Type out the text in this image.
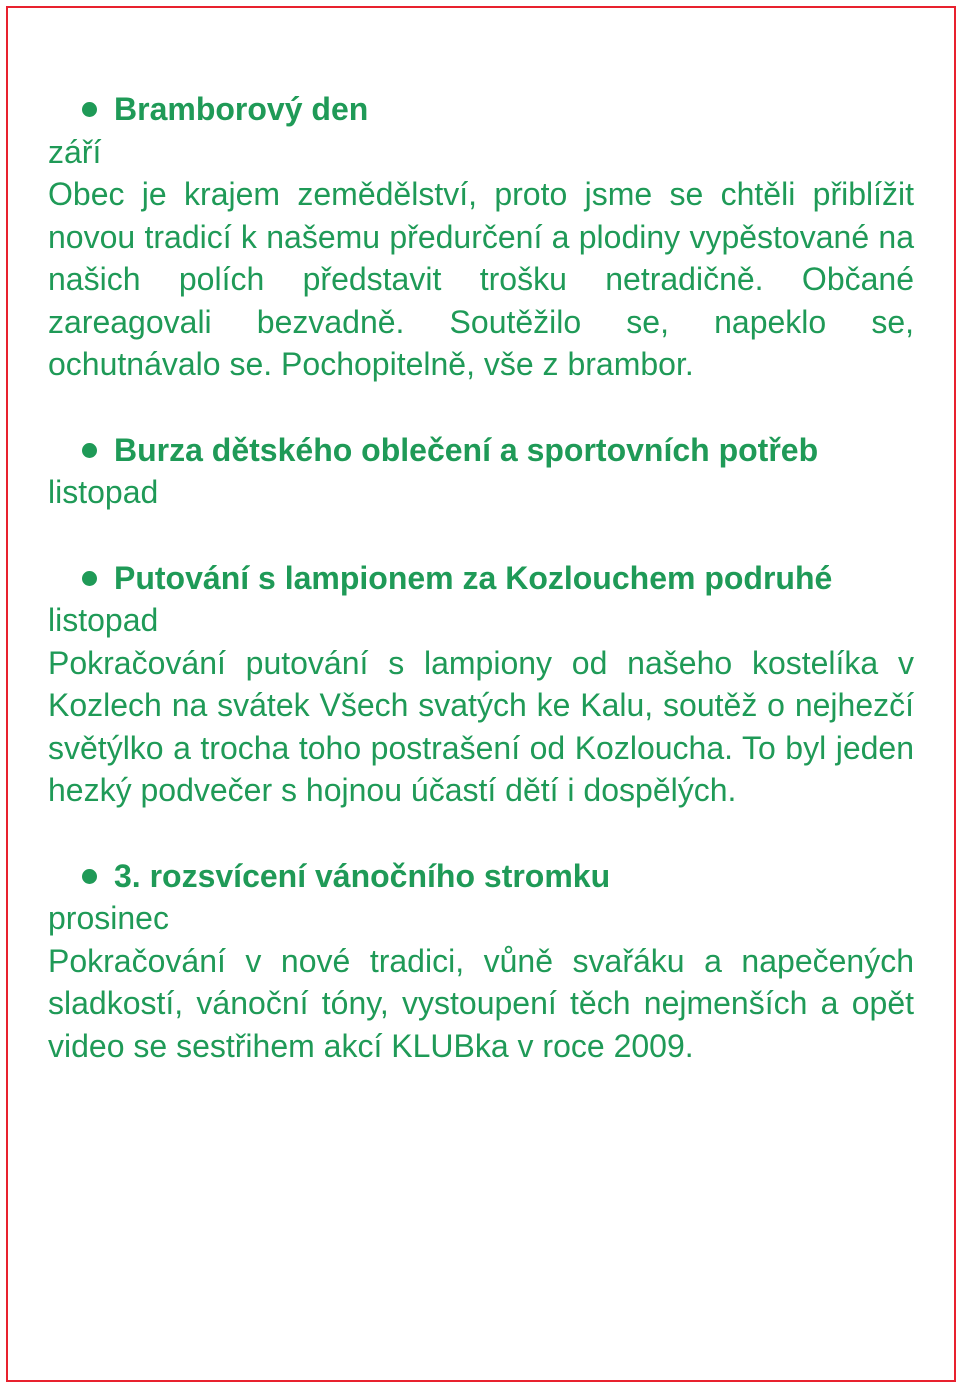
Bramborový den
září
Obec je krajem zemědělství, proto jsme se chtěli přiblížit novou tradicí k našemu předurčení a plodiny vypěstované na našich polích představit trošku netradičně. Občané zareagovali bezvadně. Soutěžilo se, napeklo se, ochutnávalo se. Pochopitelně, vše z brambor.
Burza dětského oblečení a sportovních potřeb
listopad
Putování s lampionem za Kozlouchem podruhé
listopad
Pokračování putování s lampiony od našeho kostelíka v Kozlech na svátek Všech svatých ke Kalu, soutěž o nejhezčí světýlko a trocha toho postrašení od Kozloucha. To byl jeden hezký podvečer s hojnou účastí dětí i dospělých.
3. rozsvícení vánočního stromku
prosinec
Pokračování v nové tradici, vůně svařáku a napečených sladkostí, vánoční tóny, vystoupení těch nejmenších a opět video se sestřihem akcí KLUBka v roce 2009.
